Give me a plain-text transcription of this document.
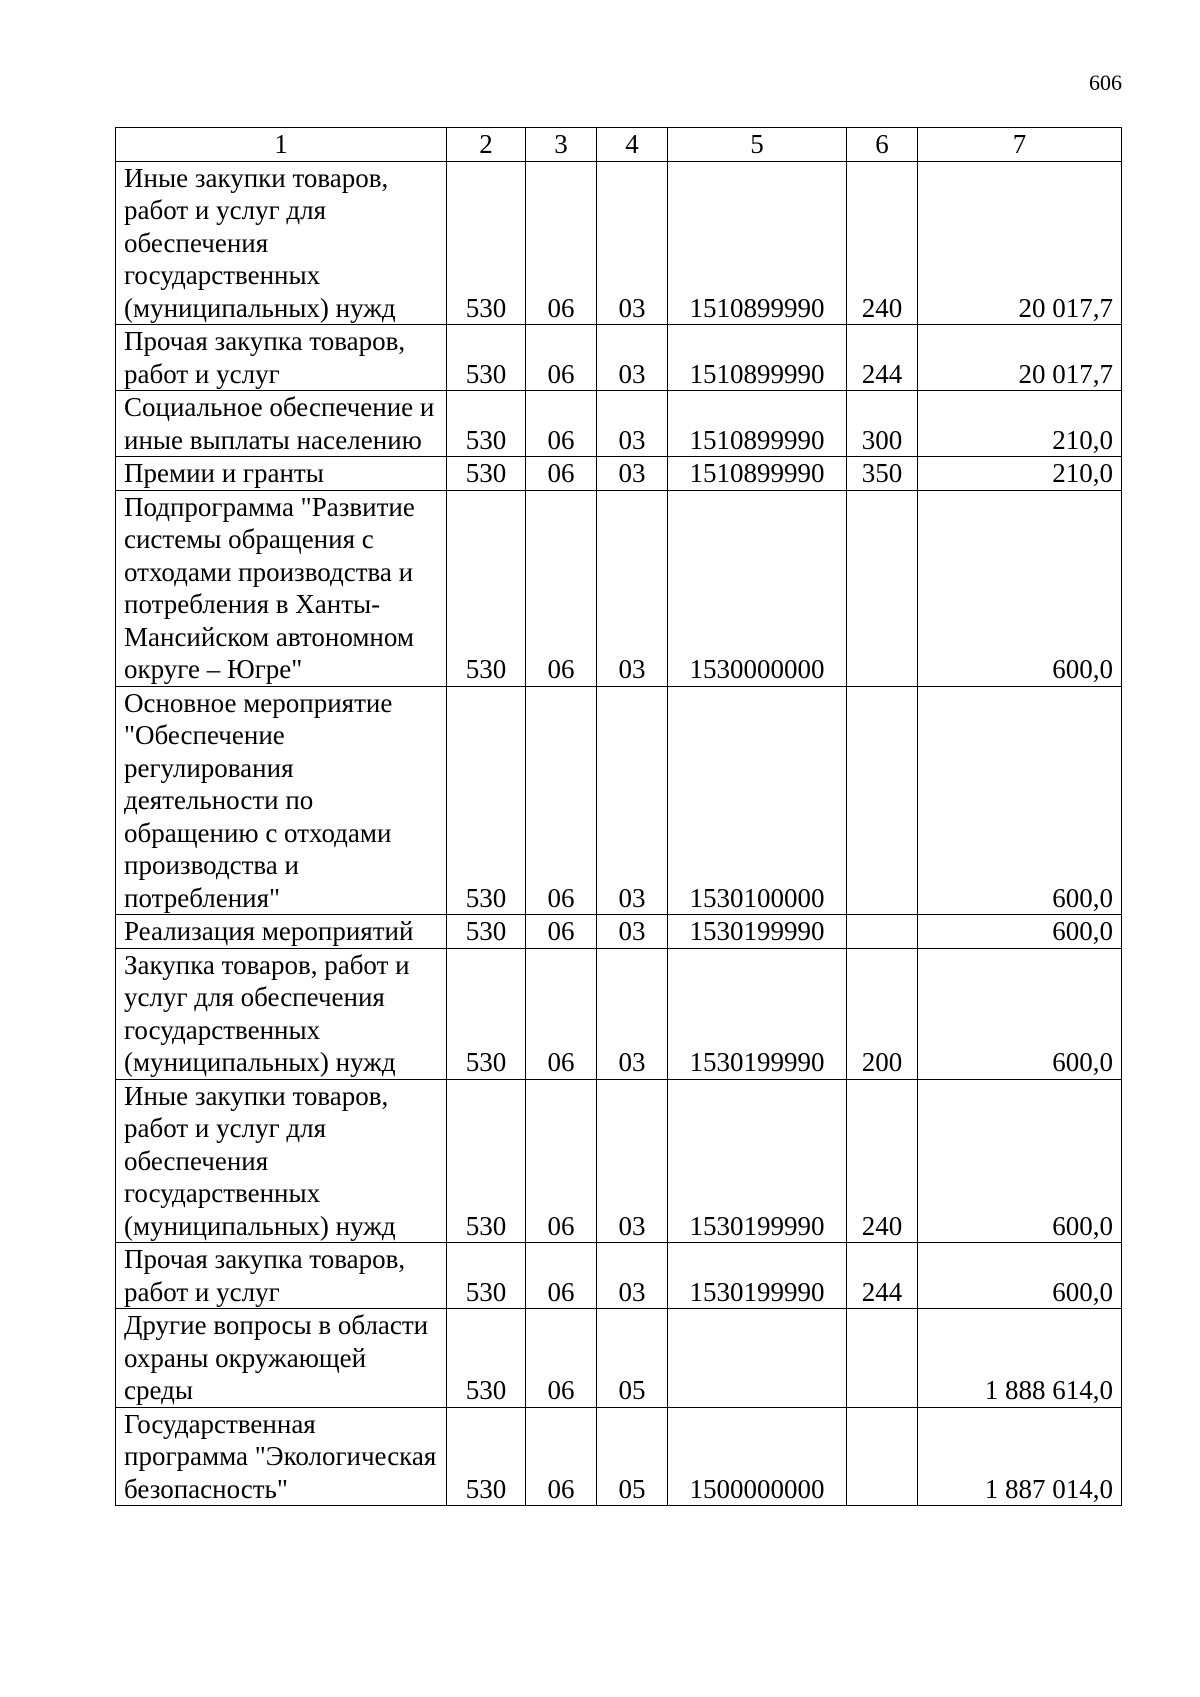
606
1	2	3	4	5	6	7
Иные закупки товаров, работ и услуг для обеспечения государственных (муниципальных) нужд	530	06	03	1510899990	240	20 017,7
Прочая закупка товаров, работ и услуг	530	06	03	1510899990	244	20 017,7
Социальное обеспечение и иные выплаты населению	530	06	03	1510899990	300	210,0
Премии и гранты	530	06	03	1510899990	350	210,0
Подпрограмма "Развитие системы обращения с отходами производства и потребления в Ханты-Мансийском автономном округе – Югре"	530	06	03	1530000000		600,0
Основное мероприятие "Обеспечение регулирования деятельности по обращению с отходами производства и потребления"	530	06	03	1530100000		600,0
Реализация мероприятий	530	06	03	1530199990		600,0
Закупка товаров, работ и услуг для обеспечения государственных (муниципальных) нужд	530	06	03	1530199990	200	600,0
Иные закупки товаров, работ и услуг для обеспечения государственных (муниципальных) нужд	530	06	03	1530199990	240	600,0
Прочая закупка товаров, работ и услуг	530	06	03	1530199990	244	600,0
Другие вопросы в области охраны окружающей среды	530	06	05			1 888 614,0
Государственная программа "Экологическая безопасность"	530	06	05	1500000000		1 887 014,0
